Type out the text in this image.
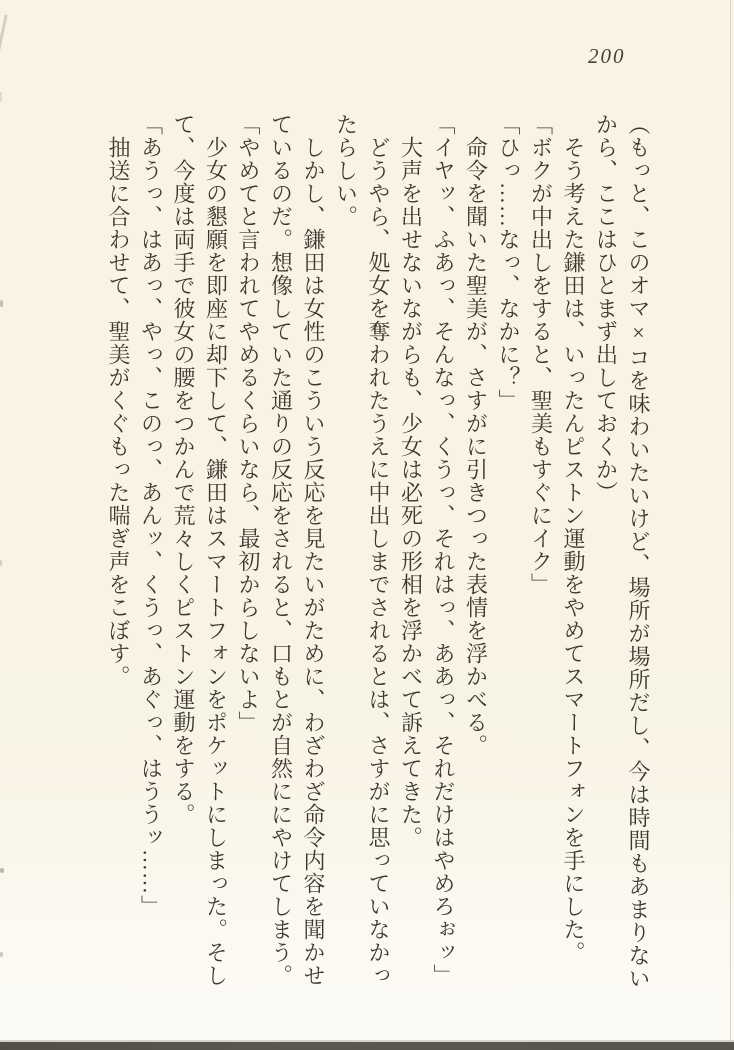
200

（もっと、このオマ×コを味わいたいけど、場所が場所だし、今は時間もあまりないから、ここはひとまず出しておくか）

そう考えた鎌田は、いったんピストン運動をやめてスマートフォンを手にした。

「ボクが中出しをすると、聖美もすぐにイク」

「ひっ……なっ、なかに？」

命令を聞いた聖美が、さすがに引きつった表情を浮かべる。

「イヤッ、ふあっ、そんなっ、くうっ、それはっ、ああっ、それだけはやめろぉッ」

大声を出せないながらも、少女は必死の形相を浮かべて訴えてきた。

どうやら、処女を奪われたうえに中出しまでされるとは、さすがに思っていなかったらしい。

しかし、鎌田は女性のこういう反応を見たいがために、わざわざ命令内容を聞かせているのだ。想像していた通りの反応をされると、口もとが自然ににやけてしまう。

「やめてと言われてやめるくらいなら、最初からしないよ」

少女の懇願を即座に却下して、鎌田はスマートフォンをポケットにしまった。そして、今度は両手で彼女の腰をつかんで荒々しくピストン運動をする。

「あうっ、はあっ、やっ、このっ、あんッ、くうっ、あぐっ、はううッ……」

抽送に合わせて、聖美がくぐもった喘ぎ声をこぼす。
